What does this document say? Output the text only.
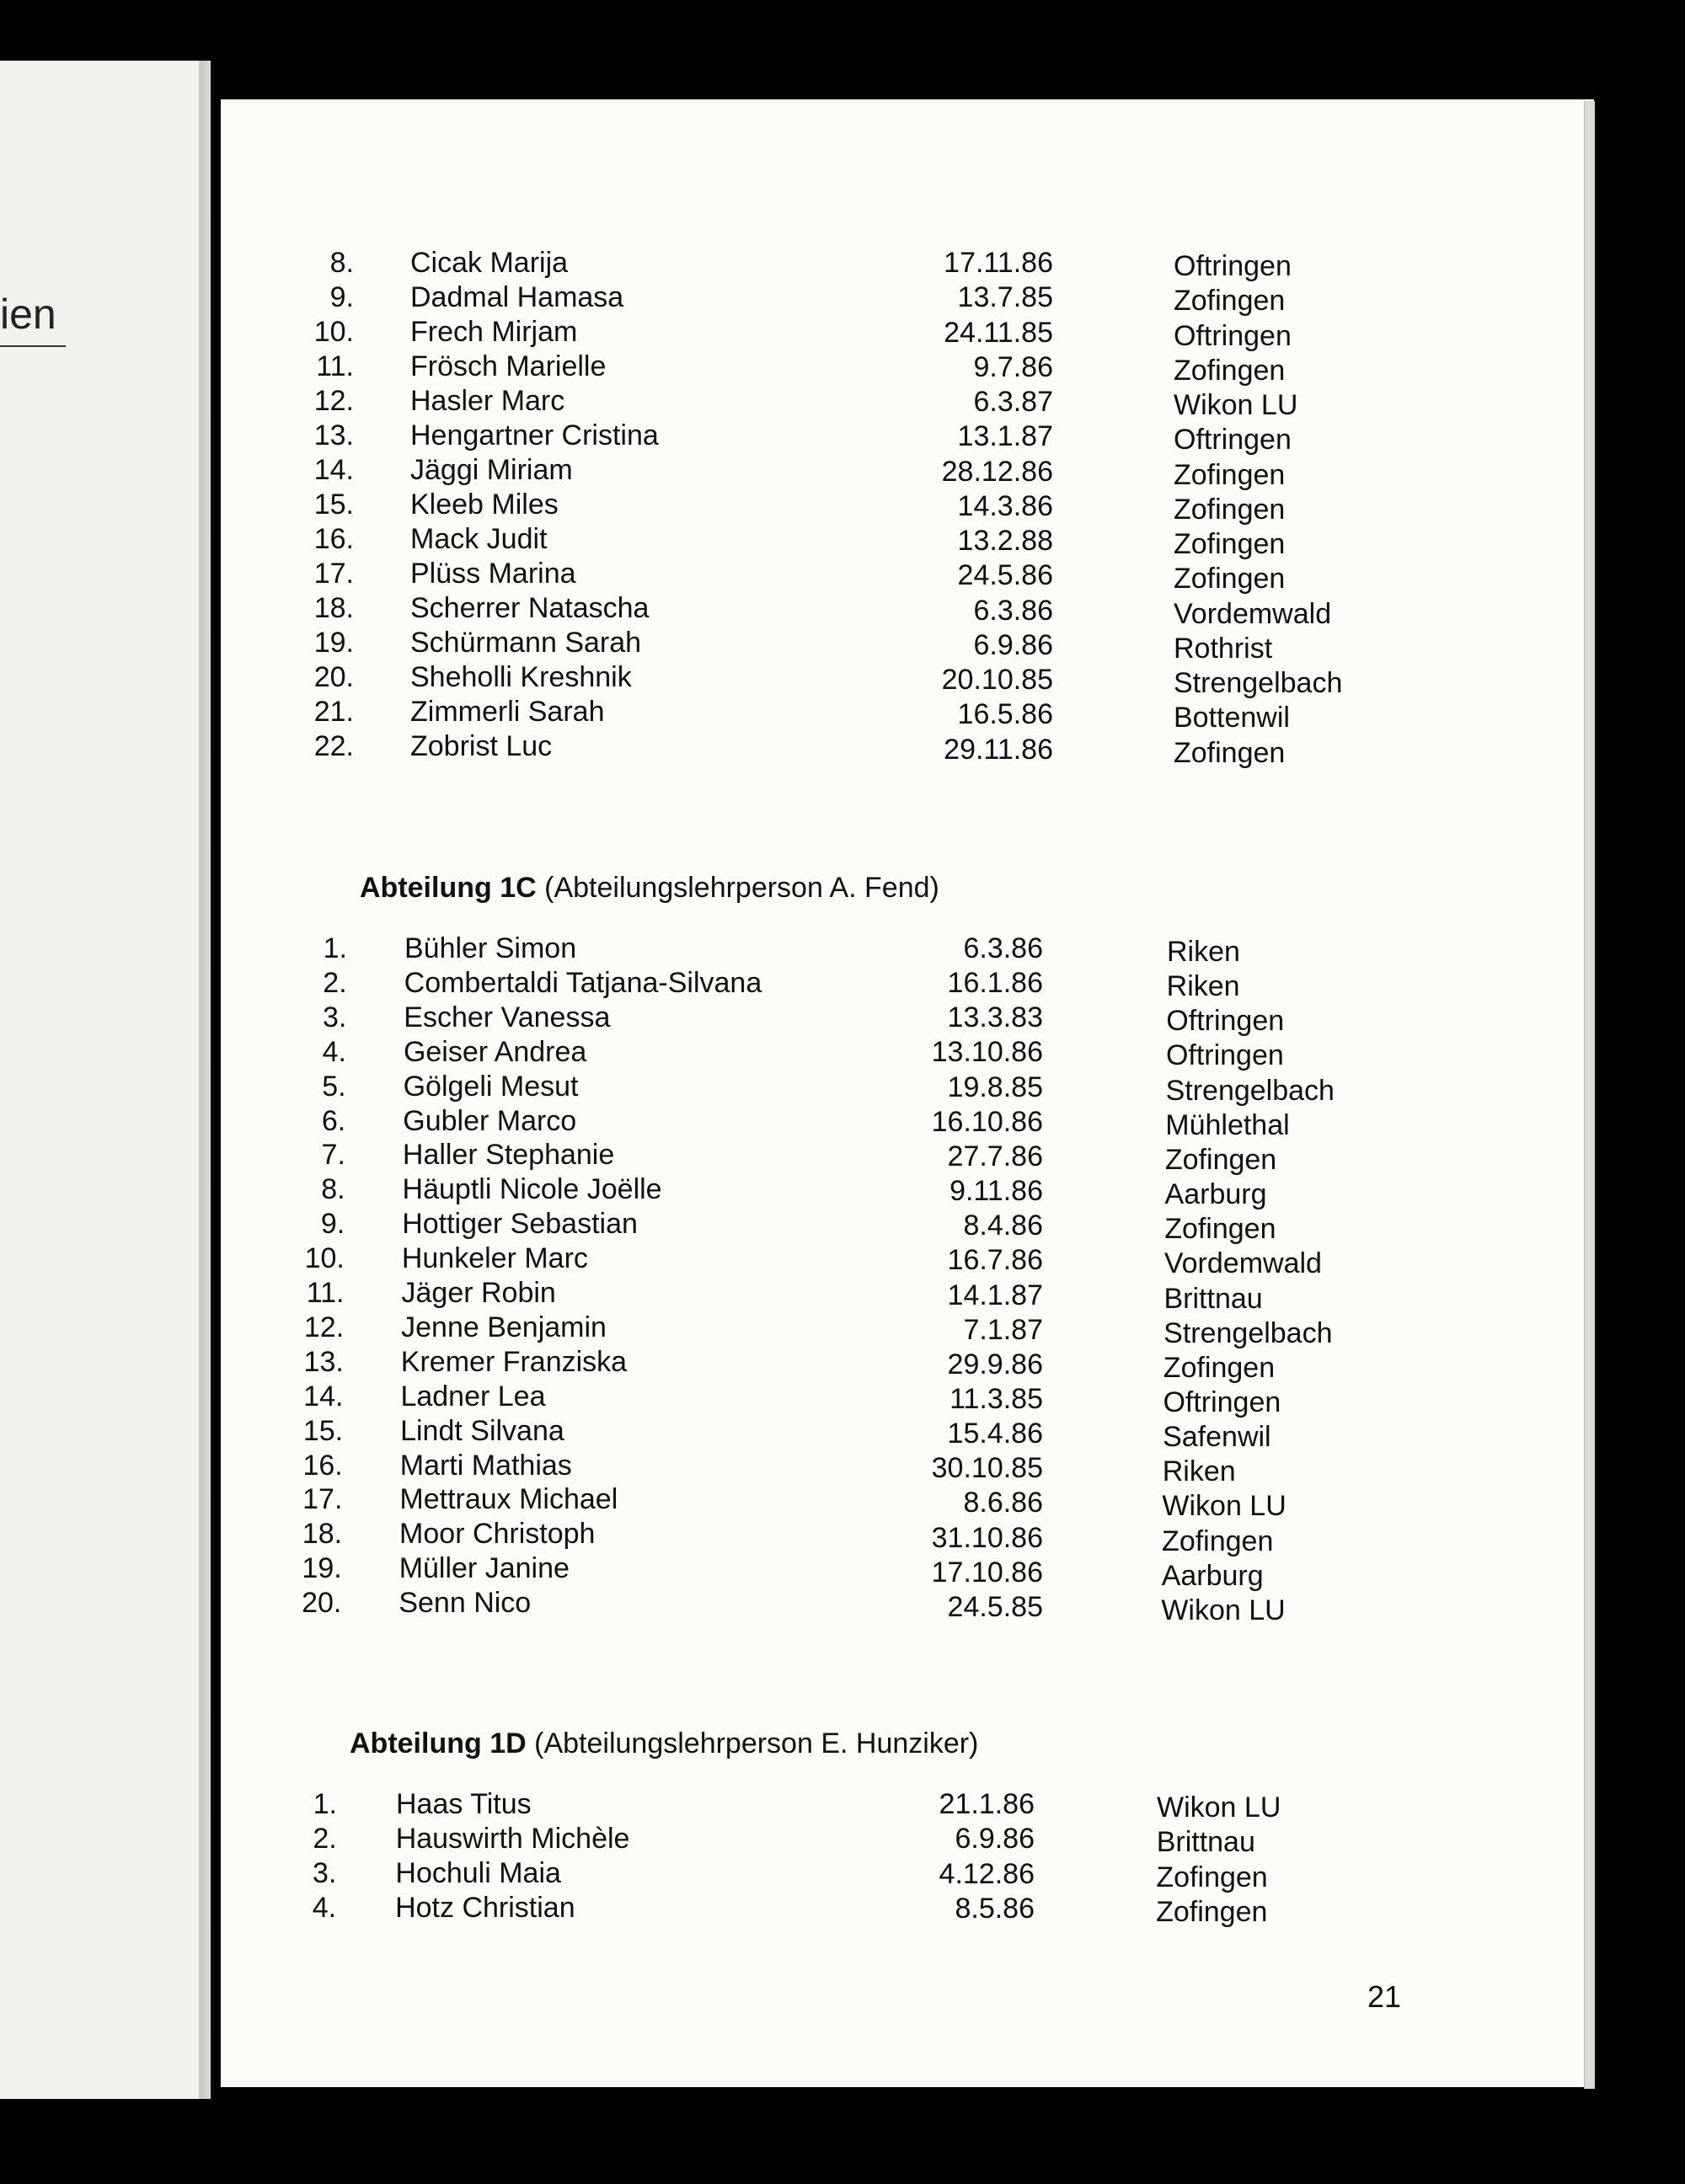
ien
8. Cicak Marija	17.11.86	Oftringen
9. Dadmal Hamasa	13.7.85	Zofingen
10. Frech Mirjam	24.11.85	Oftringen
11. Frösch Marielle	9.7.86	Zofingen
12. Hasler Marc	6.3.87	Wikon LU
13. Hengartner Cristina	13.1.87	Oftringen
14. Jäggi Miriam	28.12.86	Zofingen
15. Kleeb Miles	14.3.86	Zofingen
16. Mack Judit	13.2.88	Zofingen
17. Plüss Marina	24.5.86	Zofingen
18. Scherrer Natascha	6.3.86	Vordemwald
19. Schürmann Sarah	6.9.86	Rothrist
20. Sheholli Kreshnik	20.10.85	Strengelbach
21. Zimmerli Sarah	16.5.86	Bottenwil
22. Zobrist Luc	29.11.86	Zofingen
Abteilung 1C (Abteilungslehrperson A. Fend)
1. Bühler Simon	6.3.86	Riken
2. Combertaldi Tatjana-Silvana	16.1.86	Riken
3. Escher Vanessa	13.3.83	Oftringen
4. Geiser Andrea	13.10.86	Oftringen
5. Gölgeli Mesut	19.8.85	Strengelbach
6. Gubler Marco	16.10.86	Mühlethal
7. Haller Stephanie	27.7.86	Zofingen
8. Häuptli Nicole Joëlle	9.11.86	Aarburg
9. Hottiger Sebastian	8.4.86	Zofingen
10. Hunkeler Marc	16.7.86	Vordemwald
11. Jäger Robin	14.1.87	Brittnau
12. Jenne Benjamin	7.1.87	Strengelbach
13. Kremer Franziska	29.9.86	Zofingen
14. Ladner Lea	11.3.85	Oftringen
15. Lindt Silvana	15.4.86	Safenwil
16. Marti Mathias	30.10.85	Riken
17. Mettraux Michael	8.6.86	Wikon LU
18. Moor Christoph	31.10.86	Zofingen
19. Müller Janine	17.10.86	Aarburg
20. Senn Nico	24.5.85	Wikon LU
Abteilung 1D (Abteilungslehrperson E. Hunziker)
1. Haas Titus	21.1.86	Wikon LU
2. Hauswirth Michèle	6.9.86	Brittnau
3. Hochuli Maia	4.12.86	Zofingen
4. Hotz Christian	8.5.86	Zofingen
21
